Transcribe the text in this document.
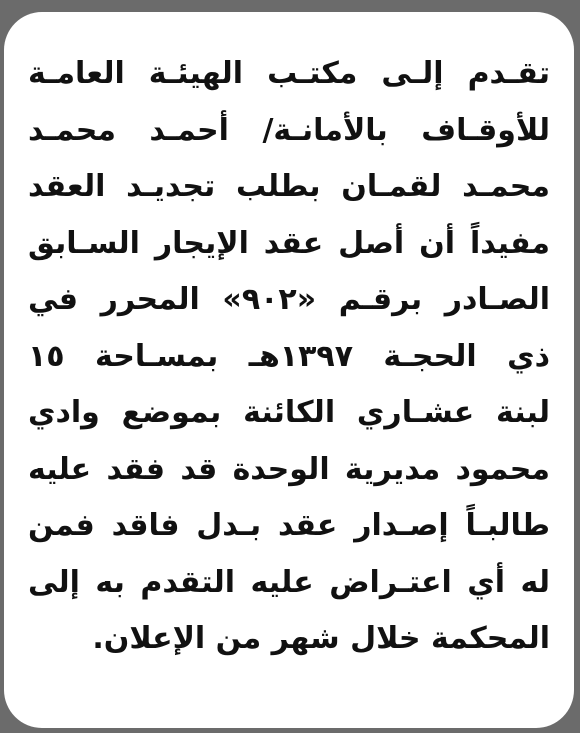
تقـدم إلـى مكتـب الهيئـة العامـة
للأوقـاف بالأمانـة/ أحمـد محمـد
محمـد لقمـان بطلب تجديـد العقد
مفيداً أن أصل عقد الإيجار السـابق
الصـادر برقـم «٩٠٢» المحرر في
ذي الحجـة ١٣٩٧هـ بمسـاحة ١٥
لبنة عشـاري الكائنة بموضع وادي
محمود مديرية الوحدة قد فقد عليه
طالبـاً إصـدار عقد بـدل فاقد فمن
له أي اعتـراض عليه التقدم به إلى
المحكمة خلال شهر من الإعلان.
